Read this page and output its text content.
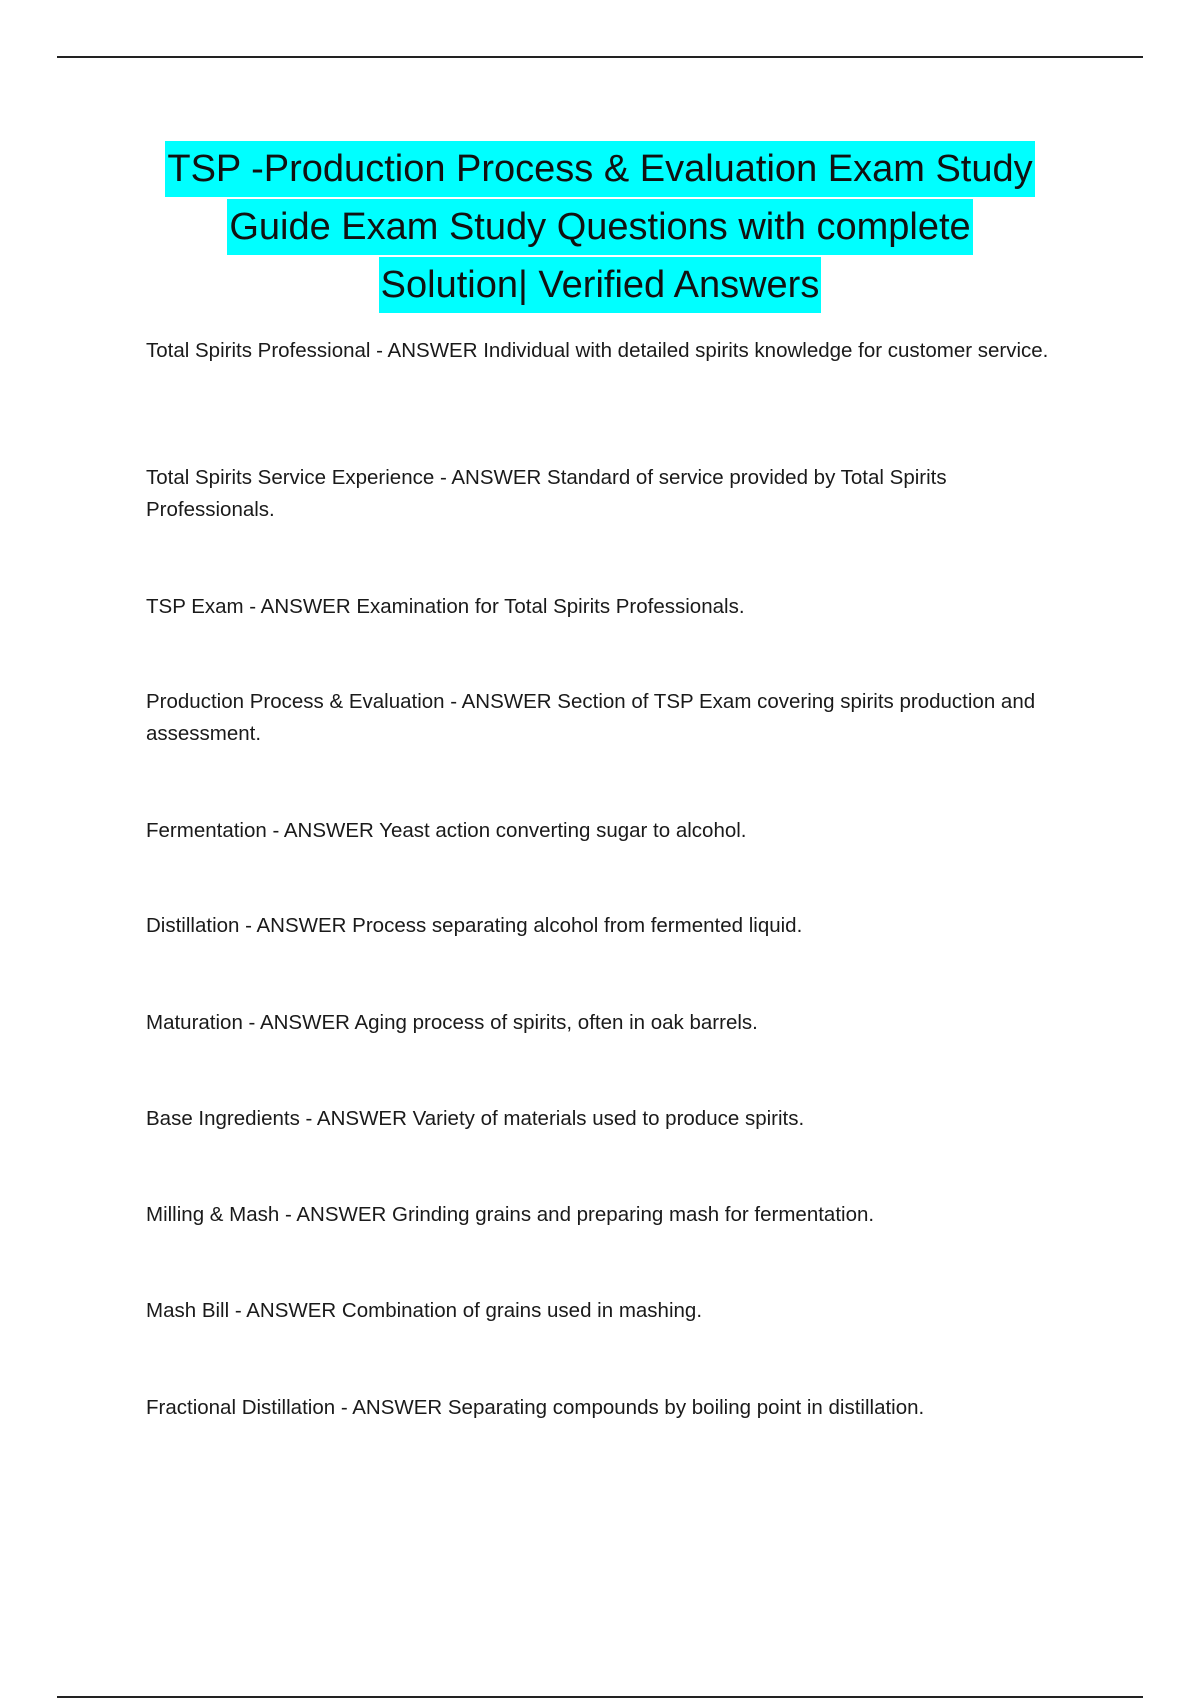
TSP -Production Process & Evaluation Exam Study
Guide Exam Study Questions with complete
Solution| Verified Answers

Total Spirits Professional - ANSWER Individual with detailed spirits knowledge for customer service.

Total Spirits Service Experience - ANSWER Standard of service provided by Total Spirits Professionals.

TSP Exam - ANSWER Examination for Total Spirits Professionals.

Production Process & Evaluation - ANSWER Section of TSP Exam covering spirits production and assessment.

Fermentation - ANSWER Yeast action converting sugar to alcohol.

Distillation - ANSWER Process separating alcohol from fermented liquid.

Maturation - ANSWER Aging process of spirits, often in oak barrels.

Base Ingredients - ANSWER Variety of materials used to produce spirits.

Milling & Mash - ANSWER Grinding grains and preparing mash for fermentation.

Mash Bill - ANSWER Combination of grains used in mashing.

Fractional Distillation - ANSWER Separating compounds by boiling point in distillation.
